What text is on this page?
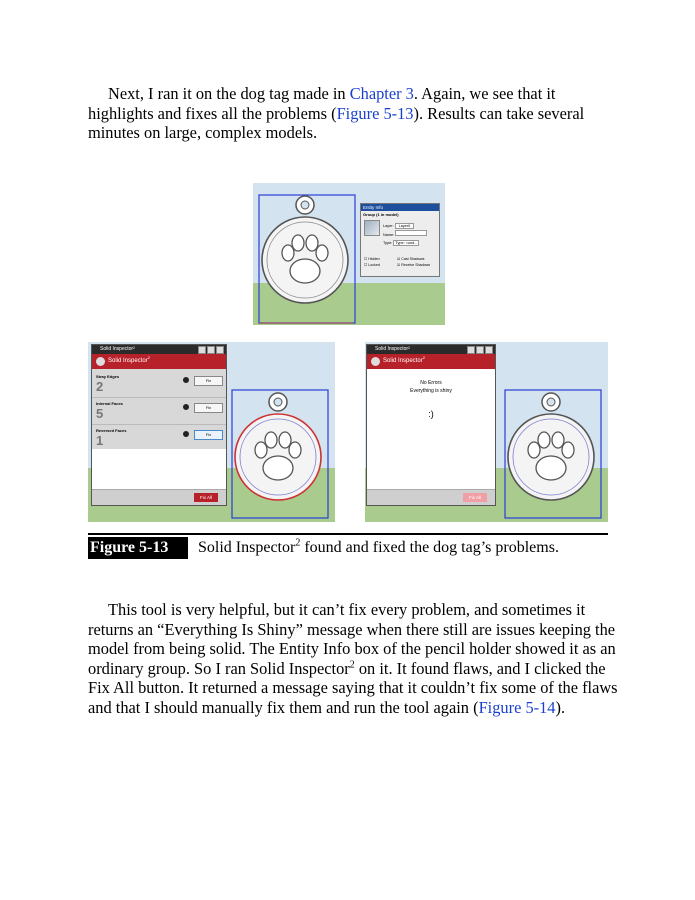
Next, I ran it on the dog tag made in Chapter 3. Again, we see that it highlights and fixes all the problems (Figure 5-13). Results can take several minutes on large, complex models.

Entity Info
Group (1 in model)
Layer: Layer0
Name:
Type: Type: <und...
☐ Hidden
☐ Locked
☑ Cast Shadows
☑ Receive Shadows
Solid Inspector²
Solid Inspector$^2$
Stray Edges
2	Fix
Internal Faces
5	Fix
Reversed Faces
1	Fix
Fix All
Solid Inspector²
Solid Inspector$^2$
No Errors
Everything is shiny
:)
Fix All
Figure 5-13	Solid Inspector$^2$ found and fixed the dog tag’s problems.

This tool is very helpful, but it can’t fix every problem, and sometimes it returns an “Everything Is Shiny” message when there still are issues keeping the model from being solid. The Entity Info box of the pencil holder showed it as an ordinary group. So I ran Solid Inspector$^2$ on it. It found flaws, and I clicked the Fix All button. It returned a message saying that it couldn’t fix some of the flaws and that I should manually fix them and run the tool again (Figure 5-14).
